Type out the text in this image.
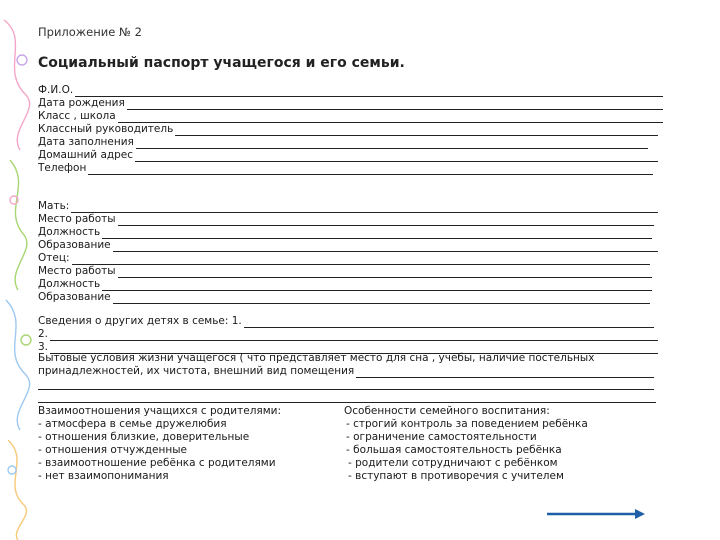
Приложение № 2
Социальный паспорт учащегося и его семьи.
Ф.И.О.
Дата рождения
Класс , школа
Классный руководитель
Дата заполнения
Домашний адрес
Телефон
Мать:
Место работы
Должность
Образование
Отец:
Место работы
Должность
Образование
Сведения о других детях в семье: 1.
2.
3.
Бытовые условия жизни учащегося ( что представляет место для сна , учёбы, наличие постельных
принадлежностей, их чистота, внешний вид помещения
Взаимоотношения учащихся с родителями:
- атмосфера в семье дружелюбия
- отношения близкие, доверительные
- отношения отчужденные
- взаимоотношение ребёнка с родителями
- нет взаимопонимания
Особенности семейного воспитания:
- строгий контроль за поведением ребёнка
- ограничение самостоятельности
- большая самостоятельность ребёнка
- родители сотрудничают с ребёнком
- вступают в противоречия с учителем
